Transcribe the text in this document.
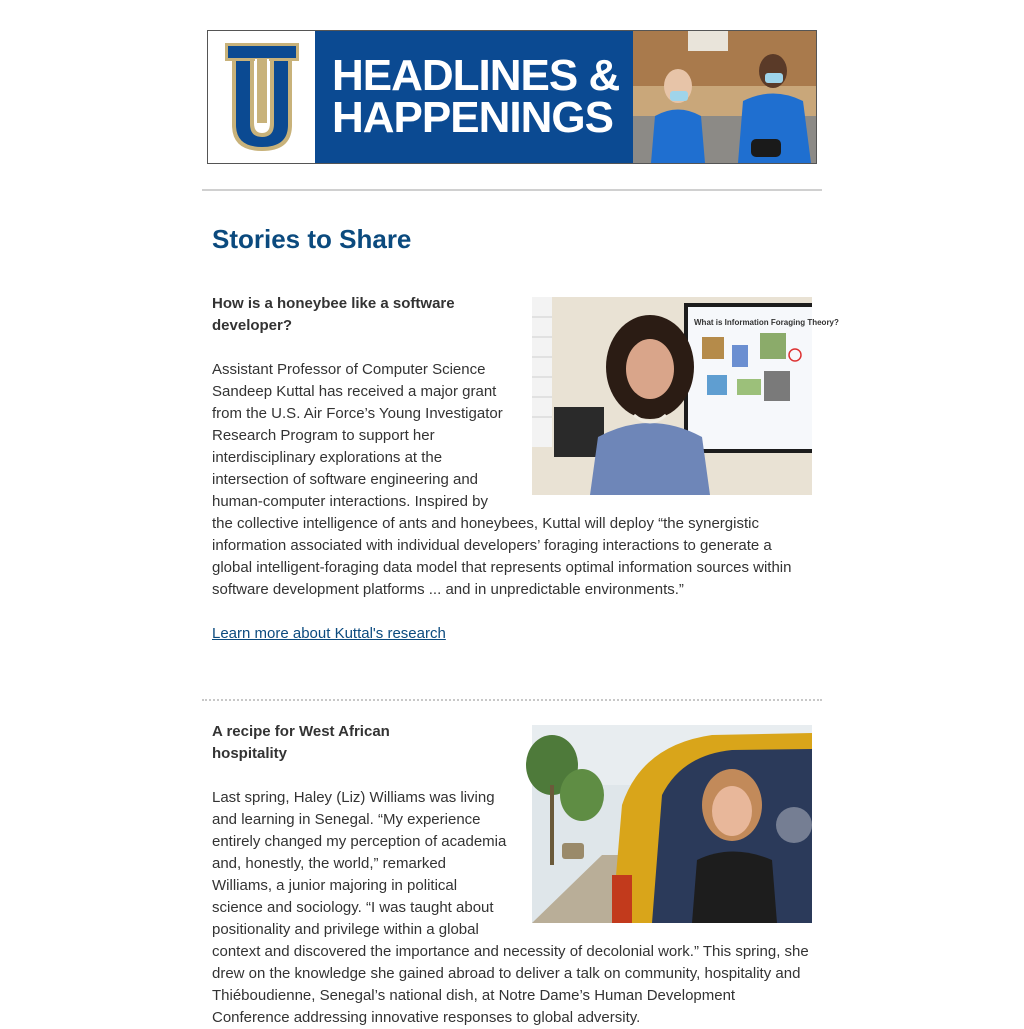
HEADLINES &
HAPPENINGS
Stories to Share
What is Information Foraging Theory?

How is a honeybee like a software developer?

Assistant Professor of Computer Science Sandeep Kuttal has received a major grant from the U.S. Air Force’s Young Investigator Research Program to support her interdisciplinary explorations at the intersection of software engineering and human-computer interactions. Inspired by the collective intelligence of ants and honeybees, Kuttal will deploy “the synergistic information associated with individual developers’ foraging interactions to generate a global intelligent-foraging data model that represents optimal information sources within software development platforms ... and in unpredictable environments.”

Learn more about Kuttal's research

A recipe for West African hospitality

Last spring, Haley (Liz) Williams was living and learning in Senegal. “My experience entirely changed my perception of academia and, honestly, the world,” remarked Williams, a junior majoring in political science and sociology. “I was taught about positionality and privilege within a global context and discovered the importance and necessity of decolonial work.” This spring, she drew on the knowledge she gained abroad to deliver a talk on community, hospitality and Thiéboudienne, Senegal’s national dish, at Notre Dame’s Human Development Conference addressing innovative responses to global adversity.
